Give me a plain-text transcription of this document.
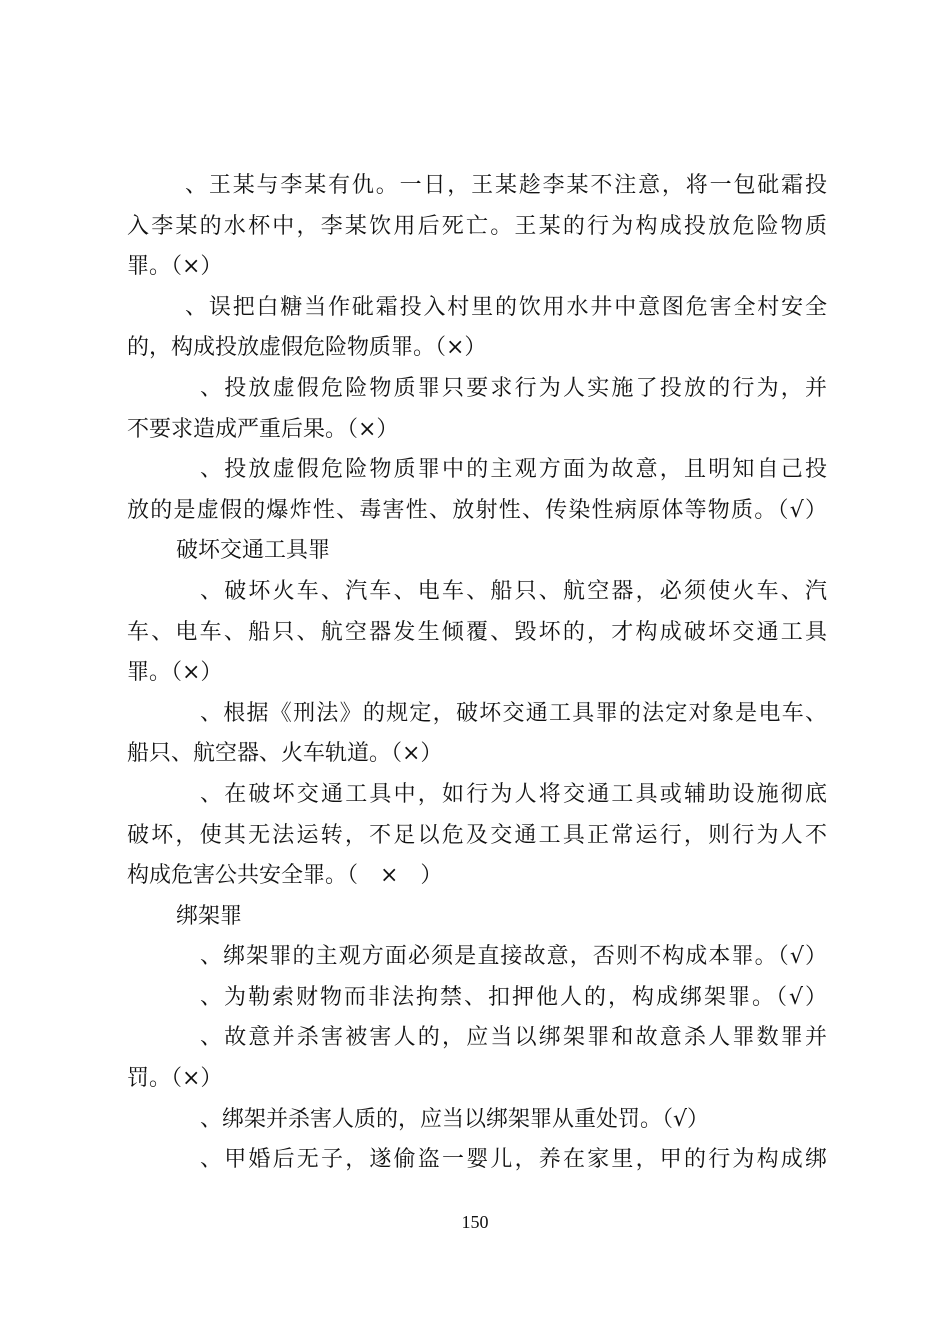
、王某与李某有仇。一日，王某趁李某不注意，将一包砒霜投
入李某的水杯中，李某饮用后死亡。王某的行为构成投放危险物质
罪。（×）
、误把白糖当作砒霜投入村里的饮用水井中意图危害全村安全
的，构成投放虚假危险物质罪。（×）
、投放虚假危险物质罪只要求行为人实施了投放的行为，并
不要求造成严重后果。（×）
、投放虚假危险物质罪中的主观方面为故意，且明知自己投
放的是虚假的爆炸性、毒害性、放射性、传染性病原体等物质。（√）
破坏交通工具罪
、破坏火车、汽车、电车、船只、航空器，必须使火车、汽
车、电车、船只、航空器发生倾覆、毁坏的，才构成破坏交通工具
罪。（×）
、根据《刑法》的规定，破坏交通工具罪的法定对象是电车、
船只、航空器、火车轨道。（×）
、在破坏交通工具中，如行为人将交通工具或辅助设施彻底
破坏，使其无法运转，不足以危及交通工具正常运行，则行为人不
构成危害公共安全罪。（　×　）
绑架罪
、绑架罪的主观方面必须是直接故意，否则不构成本罪。（√）
、为勒索财物而非法拘禁、扣押他人的，构成绑架罪。（√）
、故意并杀害被害人的，应当以绑架罪和故意杀人罪数罪并
罚。（×）
、绑架并杀害人质的，应当以绑架罪从重处罚。（√）
、甲婚后无子，遂偷盗一婴儿，养在家里，甲的行为构成绑
150
